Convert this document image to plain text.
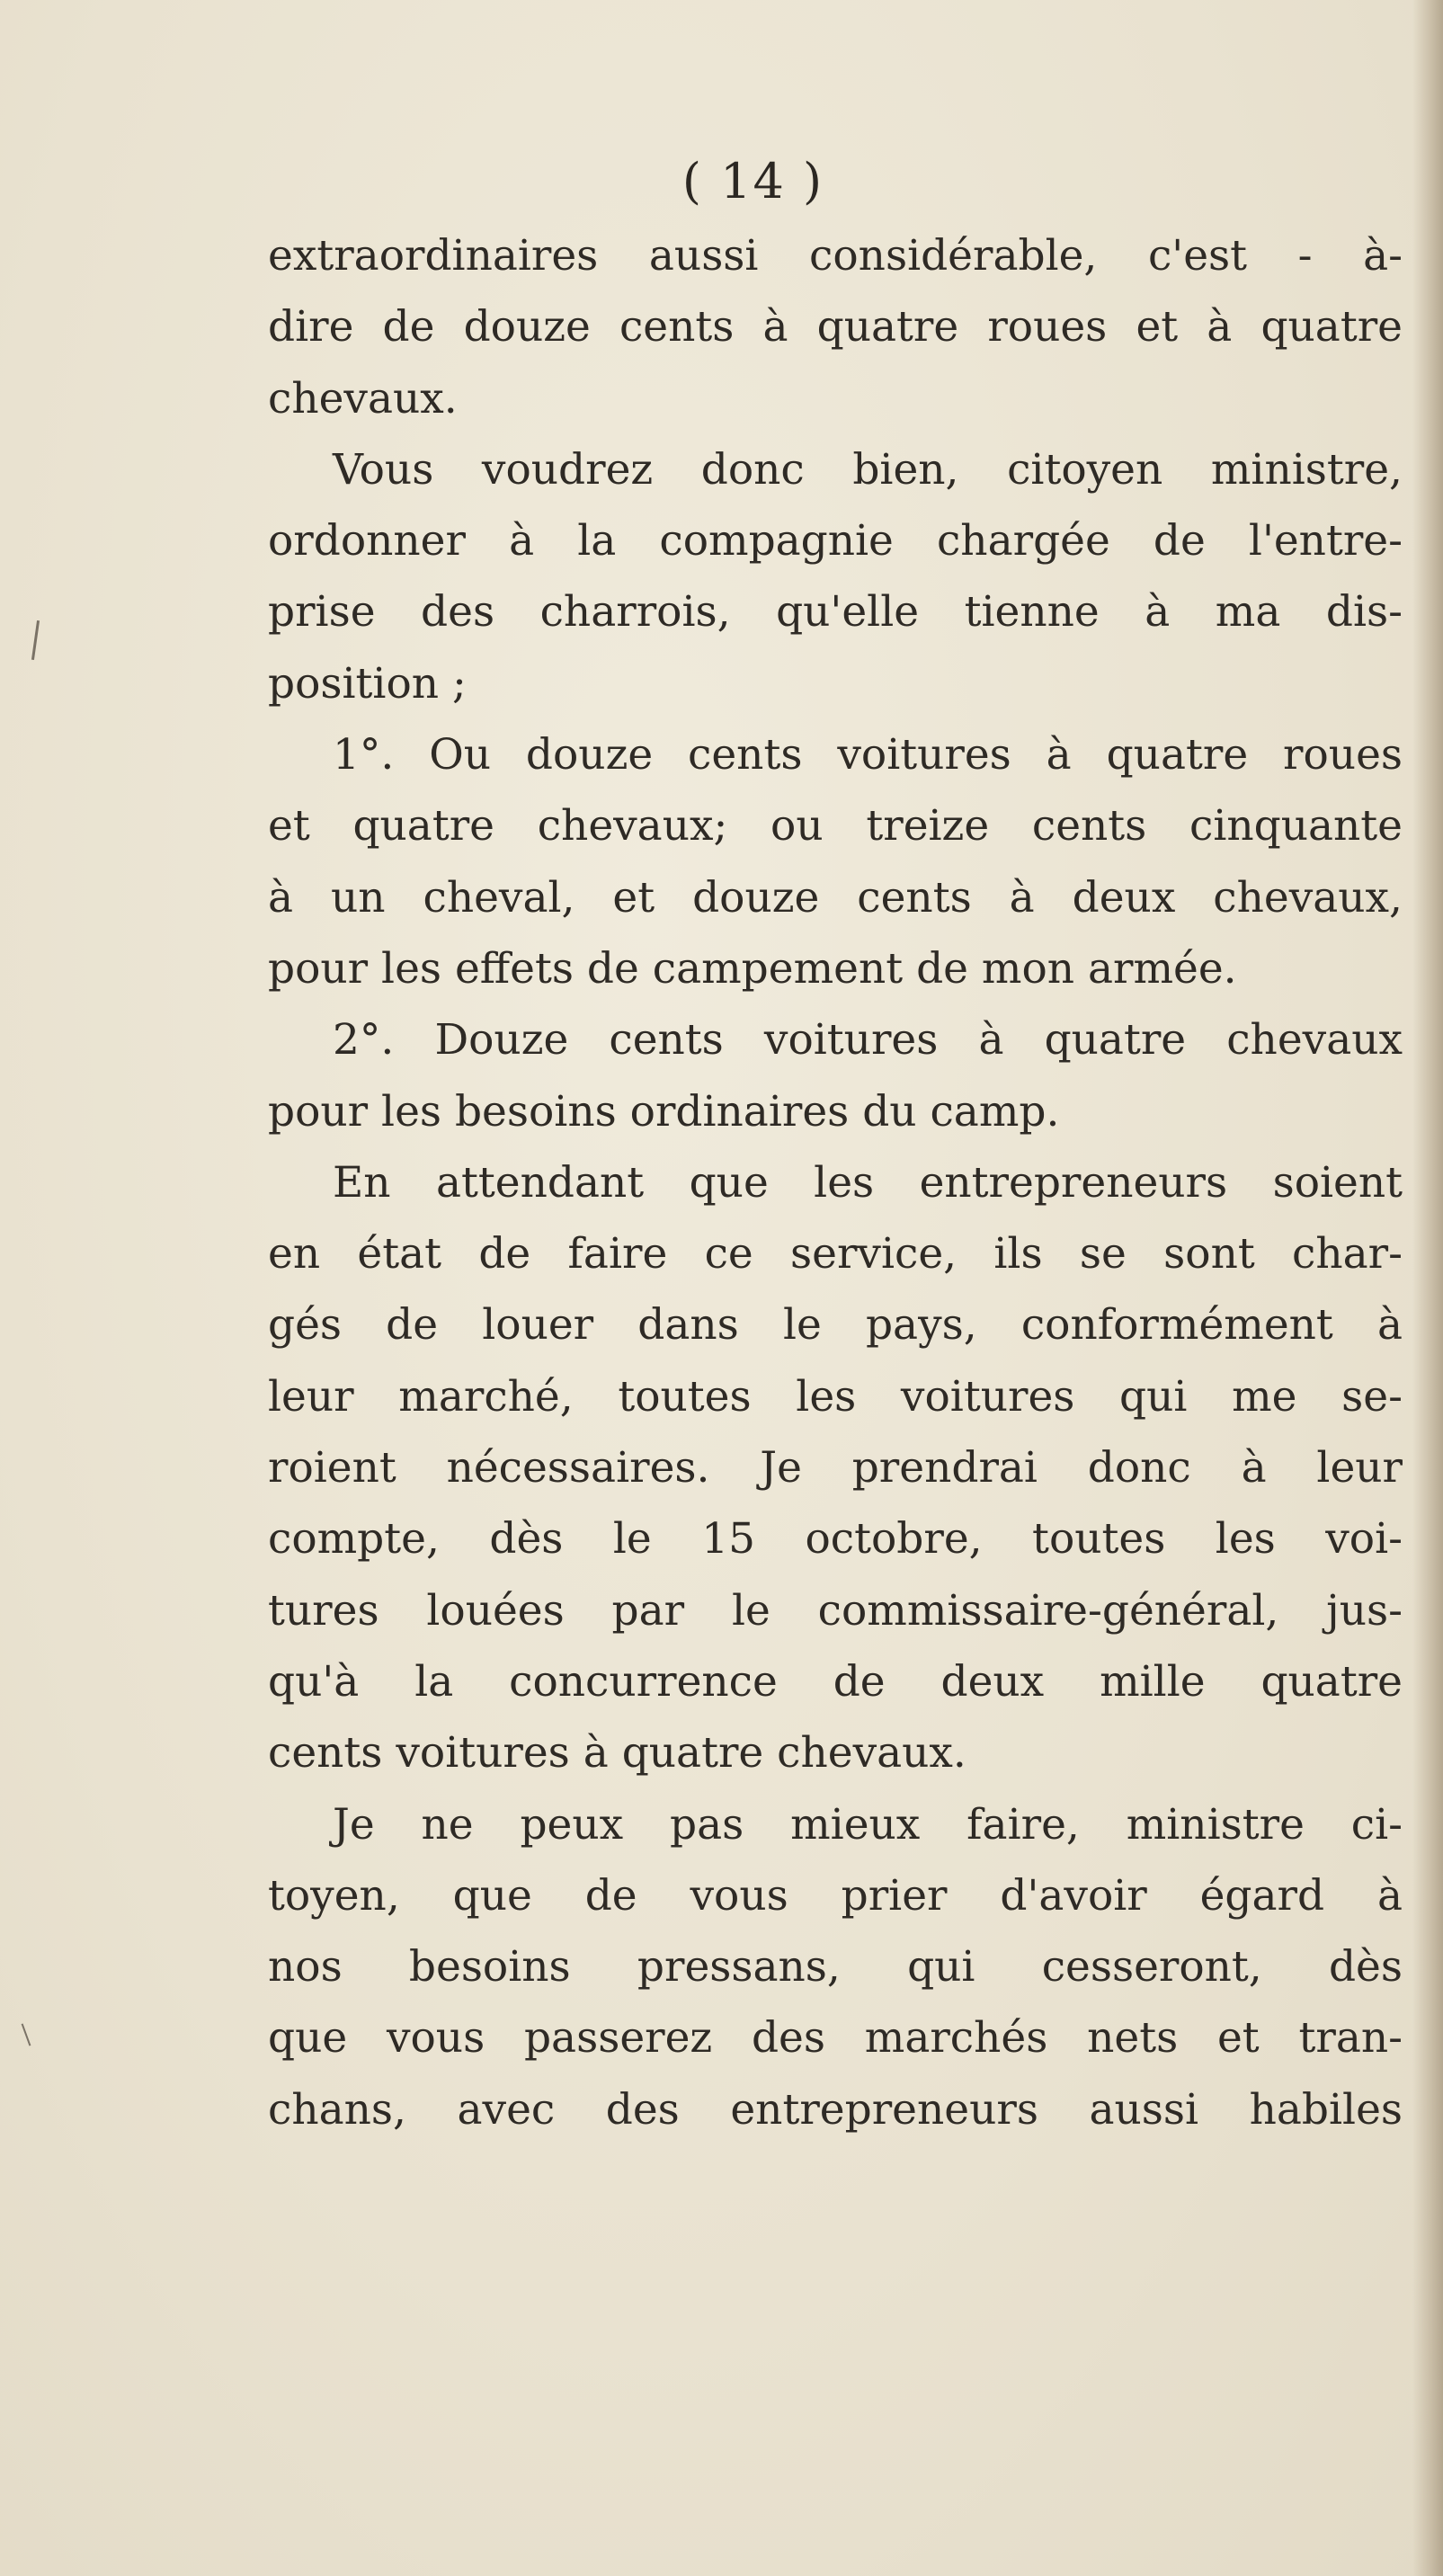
( 14 )
extraordinaires aussi considérable, c'est - à-
dire de douze cents à quatre roues et à quatre
chevaux.
Vous voudrez donc bien, citoyen ministre,
ordonner à la compagnie chargée de l'entre-
prise des charrois, qu'elle tienne à ma dis-
position ;
1°. Ou douze cents voitures à quatre roues
et quatre chevaux; ou treize cents cinquante
à un cheval, et douze cents à deux chevaux,
pour les effets de campement de mon armée.
2°. Douze cents voitures à quatre chevaux
pour les besoins ordinaires du camp.
En attendant que les entrepreneurs soient
en état de faire ce service, ils se sont char-
gés de louer dans le pays, conformément à
leur marché, toutes les voitures qui me se-
roient nécessaires. Je prendrai donc à leur
compte, dès le 15 octobre, toutes les voi-
tures louées par le commissaire-général, jus-
qu'à la concurrence de deux mille quatre
cents voitures à quatre chevaux.
Je ne peux pas mieux faire, ministre ci-
toyen, que de vous prier d'avoir égard à
nos besoins pressans, qui cesseront, dès
que vous passerez des marchés nets et tran-
chans, avec des entrepreneurs aussi habiles
